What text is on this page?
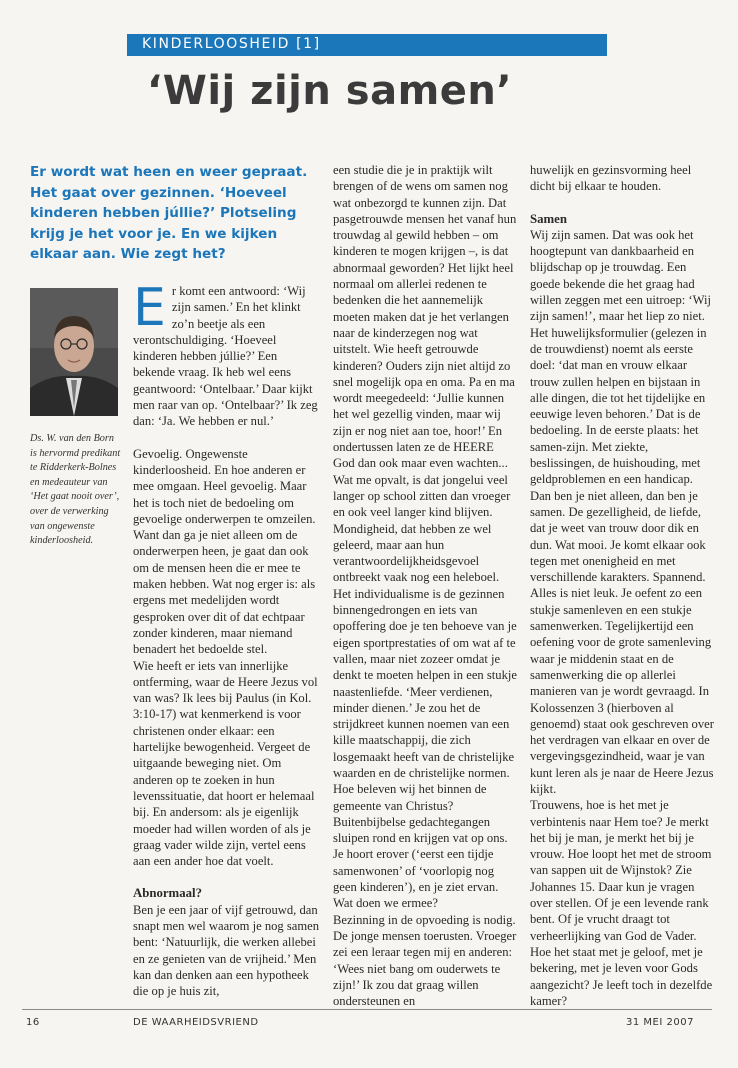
KINDERLOOSHEID [1]
‘Wij zijn samen’
Er wordt wat heen en weer gepraat. Het gaat over gezinnen. ‘Hoeveel kinderen hebben júllie?’ Plotseling krijg je het voor je. En we kijken elkaar aan. Wie zegt het?
Ds. W. van den Born is hervormd predikant te Ridderkerk-Bolnes en medeauteur van ‘Het gaat nooit over’, over de verwerking van ongewenste kinderloosheid.

Er komt een antwoord: ‘Wij zijn samen.’ En het klinkt zo’n beetje als een verontschuldiging. ‘Hoeveel kinderen hebben júllie?’ Een bekende vraag. Ik heb wel eens geantwoord: ‘Ontelbaar.’ Daar kijkt men raar van op. ‘Ontelbaar?’ Ik zeg dan: ‘Ja. We hebben er nul.’

Gevoelig. Ongewenste kinderloosheid. En hoe anderen er mee omgaan. Heel gevoelig. Maar het is toch niet de bedoeling om gevoelige onderwerpen te omzeilen. Want dan ga je niet alleen om de onderwerpen heen, je gaat dan ook om de mensen heen die er mee te maken hebben. Wat nog erger is: als ergens met medelijden wordt gesproken over dit of dat echtpaar zonder kinderen, maar niemand benadert het bedoelde stel.

Wie heeft er iets van innerlijke ontferming, waar de Heere Jezus vol van was? Ik lees bij Paulus (in Kol. 3:10-17) wat kenmerkend is voor christenen onder elkaar: een hartelijke bewogenheid. Vergeet de uitgaande beweging niet. Om anderen op te zoeken in hun levenssituatie, dat hoort er helemaal bij. En andersom: als je eigenlijk moeder had willen worden of als je graag vader wilde zijn, vertel eens aan een ander hoe dat voelt.

Abnormaal?

Ben je een jaar of vijf getrouwd, dan snapt men wel waarom je nog samen bent: ‘Natuurlijk, die werken allebei en ze genieten van de vrijheid.’ Men kan dan denken aan een hypotheek die op je huis zit,

een studie die je in praktijk wilt brengen of de wens om samen nog wat onbezorgd te kunnen zijn. Dat pasgetrouwde mensen het vanaf hun trouwdag al gewild hebben – om kinderen te mogen krijgen –, is dat abnormaal geworden? Het lijkt heel normaal om allerlei redenen te bedenken die het aannemelijk moeten maken dat je het verlangen naar de kinderzegen nog wat uitstelt. Wie heeft getrouwde kinderen? Ouders zijn niet altijd zo snel mogelijk opa en oma. Pa en ma wordt meegedeeld: ‘Jullie kunnen het wel gezellig vinden, maar wij zijn er nog niet aan toe, hoor!’ En ondertussen laten ze de HEERE God dan ook maar even wachten...

Wat me opvalt, is dat jongelui veel langer op school zitten dan vroeger en ook veel langer kind blijven. Mondigheid, dat hebben ze wel geleerd, maar aan hun verantwoordelijkheidsgevoel ontbreekt vaak nog een heleboel. Het individualisme is de gezinnen binnengedrongen en iets van opoffering doe je ten behoeve van je eigen sportprestaties of om wat af te vallen, maar niet zozeer omdat je denkt te moeten helpen in een stukje naastenliefde. ‘Meer verdienen, minder dienen.’ Je zou het de strijdkreet kunnen noemen van een kille maatschappij, die zich losgemaakt heeft van de christelijke waarden en de christelijke normen. Hoe beleven wij het binnen de gemeente van Christus? Buitenbijbelse gedachtegangen sluipen rond en krijgen vat op ons. Je hoort erover (‘eerst een tijdje samenwonen’ of ‘voorlopig nog geen kinderen’), en je ziet ervan. Wat doen we ermee?

Bezinning in de opvoeding is nodig. De jonge mensen toerusten. Vroeger zei een leraar tegen mij en anderen: ‘Wees niet bang om ouderwets te zijn!’ Ik zou dat graag willen ondersteunen en

huwelijk en gezinsvorming heel dicht bij elkaar te houden.

Samen

Wij zijn samen. Dat was ook het hoogtepunt van dankbaarheid en blijdschap op je trouwdag. Een goede bekende die het graag had willen zeggen met een uitroep: ‘Wij zijn samen!’, maar het liep zo niet. Het huwelijksformulier (gelezen in de trouwdienst) noemt als eerste doel: ‘dat man en vrouw elkaar trouw zullen helpen en bijstaan in alle dingen, die tot het tijdelijke en eeuwige leven behoren.’ Dat is de bedoeling. In de eerste plaats: het samen-zijn. Met ziekte, beslissingen, de huishouding, met geldproblemen en een handicap. Dan ben je niet alleen, dan ben je samen. De gezelligheid, de liefde, dat je weet van trouw door dik en dun. Wat mooi. Je komt elkaar ook tegen met onenigheid en met verschillende karakters. Spannend.

Alles is niet leuk. Je oefent zo een stukje samenleven en een stukje samenwerken. Tegelijkertijd een oefening voor de grote samenleving waar je middenin staat en de samenwerking die op allerlei manieren van je wordt gevraagd. In Kolossenzen 3 (hierboven al genoemd) staat ook geschreven over het verdragen van elkaar en over de vergevingsgezindheid, waar je van kunt leren als je naar de Heere Jezus kijkt.

Trouwens, hoe is het met je verbintenis naar Hem toe? Je merkt het bij je man, je merkt het bij je vrouw. Hoe loopt het met de stroom van sappen uit de Wijnstok? Zie Johannes 15. Daar kun je vragen over stellen. Of je een levende rank bent. Of je vrucht draagt tot verheerlijking van God de Vader. Hoe het staat met je geloof, met je bekering, met je leven voor Gods aangezicht? Je leeft toch in dezelfde kamer?

16	DE WAARHEIDSVRIEND	31 MEI 2007
